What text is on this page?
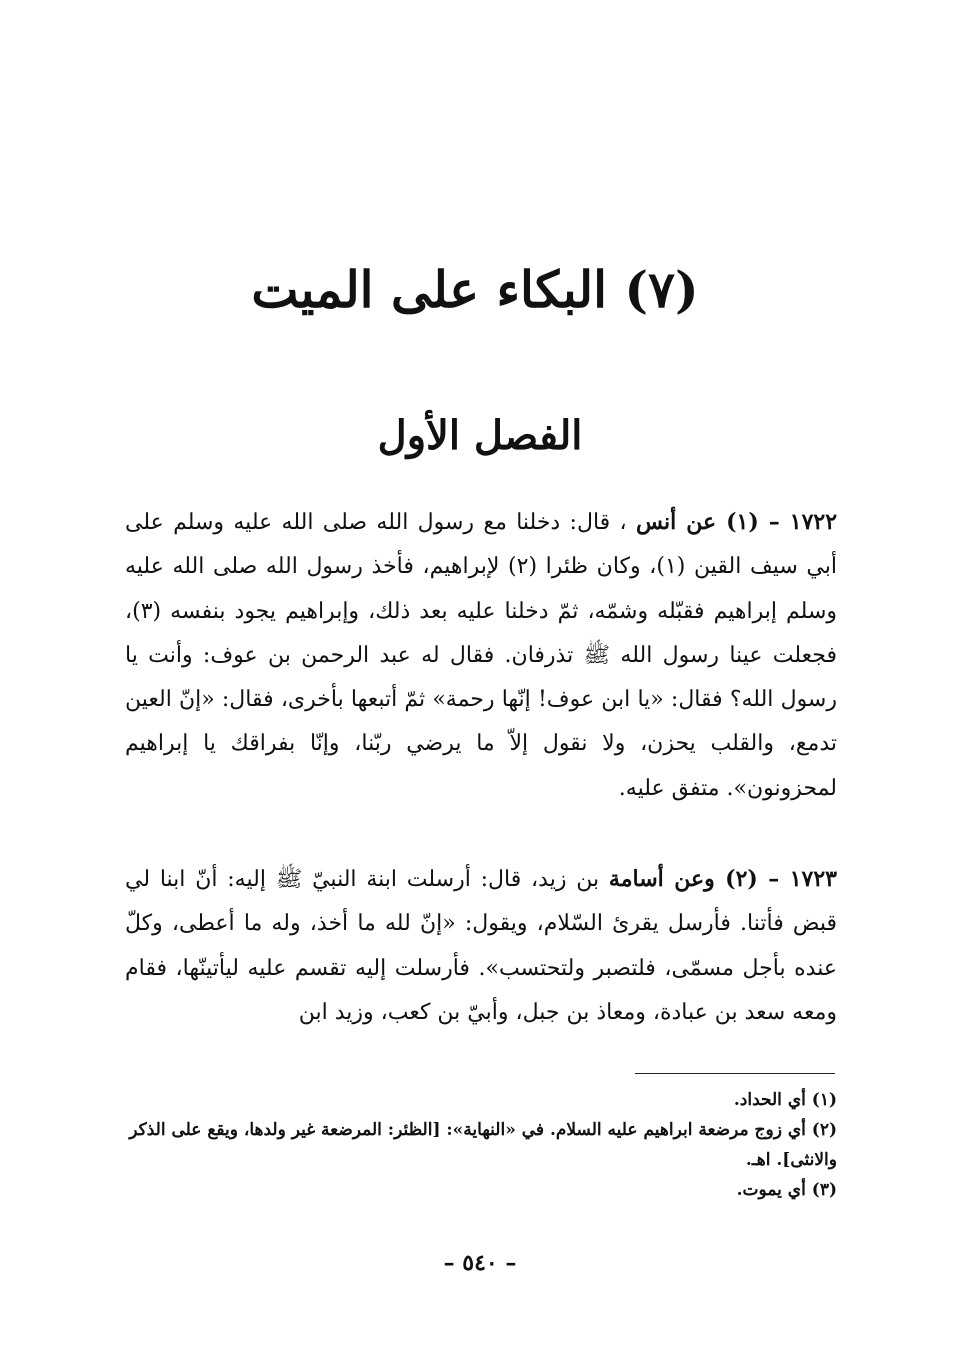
(٧) البكاء على الميت
الفصل الأول
١٧٢٢ – (١) عن أنس ، قال: دخلنا مع رسول الله صلى الله عليه وسلم على أبي سيف القين (١)، وكان ظئرا (٢) لإبراهيم، فأخذ رسول الله صلى الله عليه وسلم إبراهيم فقبّله وشمّه، ثمّ دخلنا عليه بعد ذلك، وإبراهيم يجود بنفسه (٣)، فجعلت عينا رسول الله ﷺ تذرفان. فقال له عبد الرحمن بن عوف: وأنت يا رسول الله؟ فقال: «يا ابن عوف! إنّها رحمة» ثمّ أتبعها بأخرى، فقال: «إنّ العين تدمع، والقلب يحزن، ولا نقول إلاّ ما يرضي ربّنا، وإنّا بفراقك يا إبراهيم لمحزونون». متفق عليه.
١٧٢٣ – (٢) وعن أسامة بن زيد، قال: أرسلت ابنة النبيّ ﷺ إليه: أنّ ابنا لي قبض فأتنا. فأرسل يقرئ السّلام، ويقول: «إنّ لله ما أخذ، وله ما أعطى، وكلّ عنده بأجل مسمّى، فلتصبر ولتحتسب». فأرسلت إليه تقسم عليه ليأتينّها، فقام ومعه سعد بن عبادة، ومعاذ بن جبل، وأبيّ بن كعب، وزيد ابن
(١) أي الحداد.
(٢) أي زوج مرضعة ابراهيم عليه السلام. في «النهاية»: [الظئر: المرضعة غير ولدها، ويقع على الذكر والانثى]. اهـ.
(٣) أي يموت.
– ٥٤٠ –
